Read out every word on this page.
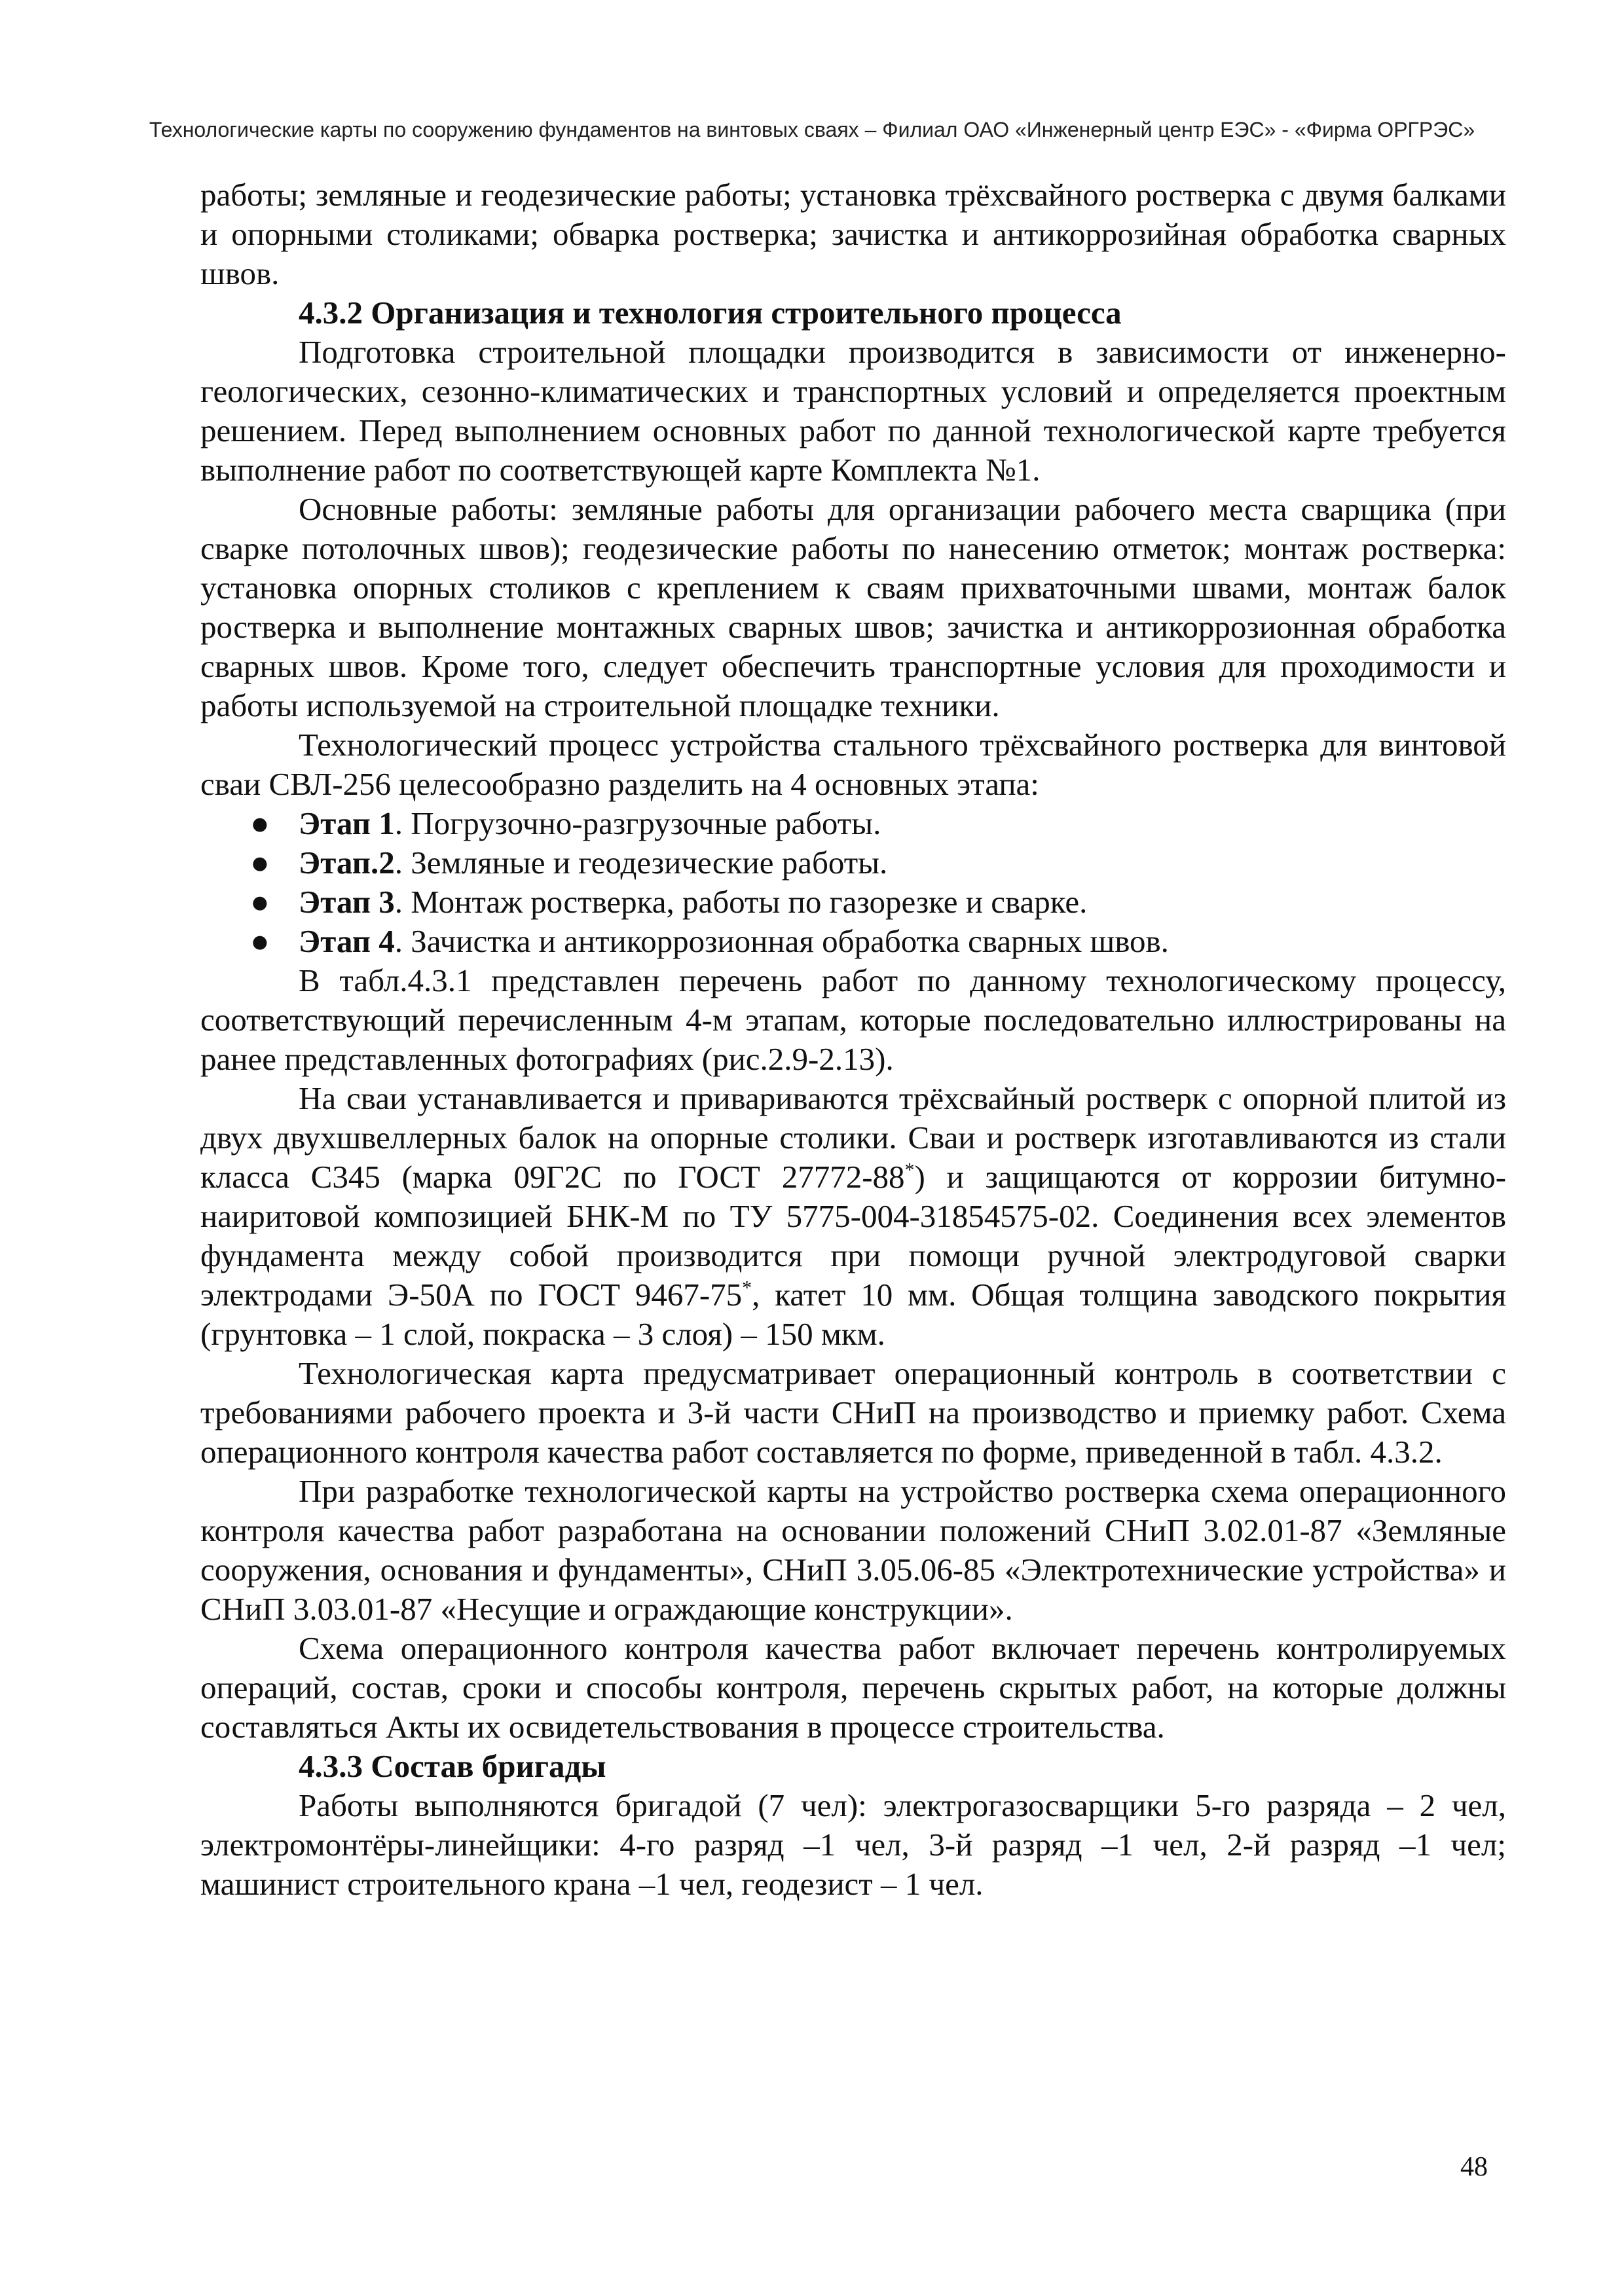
Технологические карты по сооружению фундаментов на винтовых сваях – Филиал ОАО «Инженерный центр ЕЭС» - «Фирма ОРГРЭС»

работы; земляные и геодезические работы; установка трёхсвайного ростверка с двумя балками и опорными столиками; обварка ростверка; зачистка и антикоррозийная обработка сварных швов.

4.3.2 Организация и технология строительного процесса

Подготовка строительной площадки производится в зависимости от инженерно-геологических, сезонно-климатических и транспортных условий и определяется проектным решением. Перед выполнением основных работ по данной технологической карте требуется выполнение работ по соответствующей карте Комплекта №1.

Основные работы: земляные работы для организации рабочего места сварщика (при сварке потолочных швов); геодезические работы по нанесению отметок; монтаж ростверка: установка опорных столиков с креплением к сваям прихваточными швами, монтаж балок ростверка и выполнение монтажных сварных швов; зачистка и антикоррозионная обработка сварных швов. Кроме того, следует обеспечить транспортные условия для проходимости и работы используемой на строительной площадке техники.

Технологический процесс устройства стального трёхсвайного ростверка для винтовой сваи СВЛ-256 целесообразно разделить на 4 основных этапа:

● Этап 1. Погрузочно-разгрузочные работы.
● Этап.2. Земляные и геодезические работы.
● Этап 3. Монтаж ростверка, работы по газорезке и сварке.
● Этап 4. Зачистка и антикоррозионная обработка сварных швов.

В табл.4.3.1 представлен перечень работ по данному технологическому процессу, соответствующий перечисленным 4-м этапам, которые последовательно иллюстрированы на ранее представленных фотографиях (рис.2.9-2.13).

На сваи устанавливается и привариваются трёхсвайный ростверк с опорной плитой из двух двухшвеллерных балок на опорные столики. Сваи и ростверк изготавливаются из стали класса С345 (марка 09Г2С по ГОСТ 27772-88*) и защищаются от коррозии битумно-наиритовой композицией БНК-М по ТУ 5775-004-31854575-02. Соединения всех элементов фундамента между собой производится при помощи ручной электродуговой сварки электродами Э-50А по ГОСТ 9467-75*, катет 10 мм. Общая толщина заводского покрытия (грунтовка – 1 слой, покраска – 3 слоя) – 150 мкм.

Технологическая карта предусматривает операционный контроль в соответствии с требованиями рабочего проекта и 3-й части СНиП на производство и приемку работ. Схема операционного контроля качества работ составляется по форме, приведенной в табл. 4.3.2.

При разработке технологической карты на устройство ростверка схема операционного контроля качества работ разработана на основании положений СНиП 3.02.01-87 «Земляные сооружения, основания и фундаменты», СНиП 3.05.06-85 «Электротехнические устройства» и СНиП 3.03.01-87 «Несущие и ограждающие конструкции».

Схема операционного контроля качества работ включает перечень контролируемых операций, состав, сроки и способы контроля, перечень скрытых работ, на которые должны составляться Акты их освидетельствования в процессе строительства.

4.3.3 Состав бригады

Работы выполняются бригадой (7 чел): электрогазосварщики 5-го разряда – 2 чел, электромонтёры-линейщики: 4-го разряд –1 чел, 3-й разряд –1 чел, 2-й разряд –1 чел; машинист строительного крана –1 чел, геодезист – 1 чел.

48
